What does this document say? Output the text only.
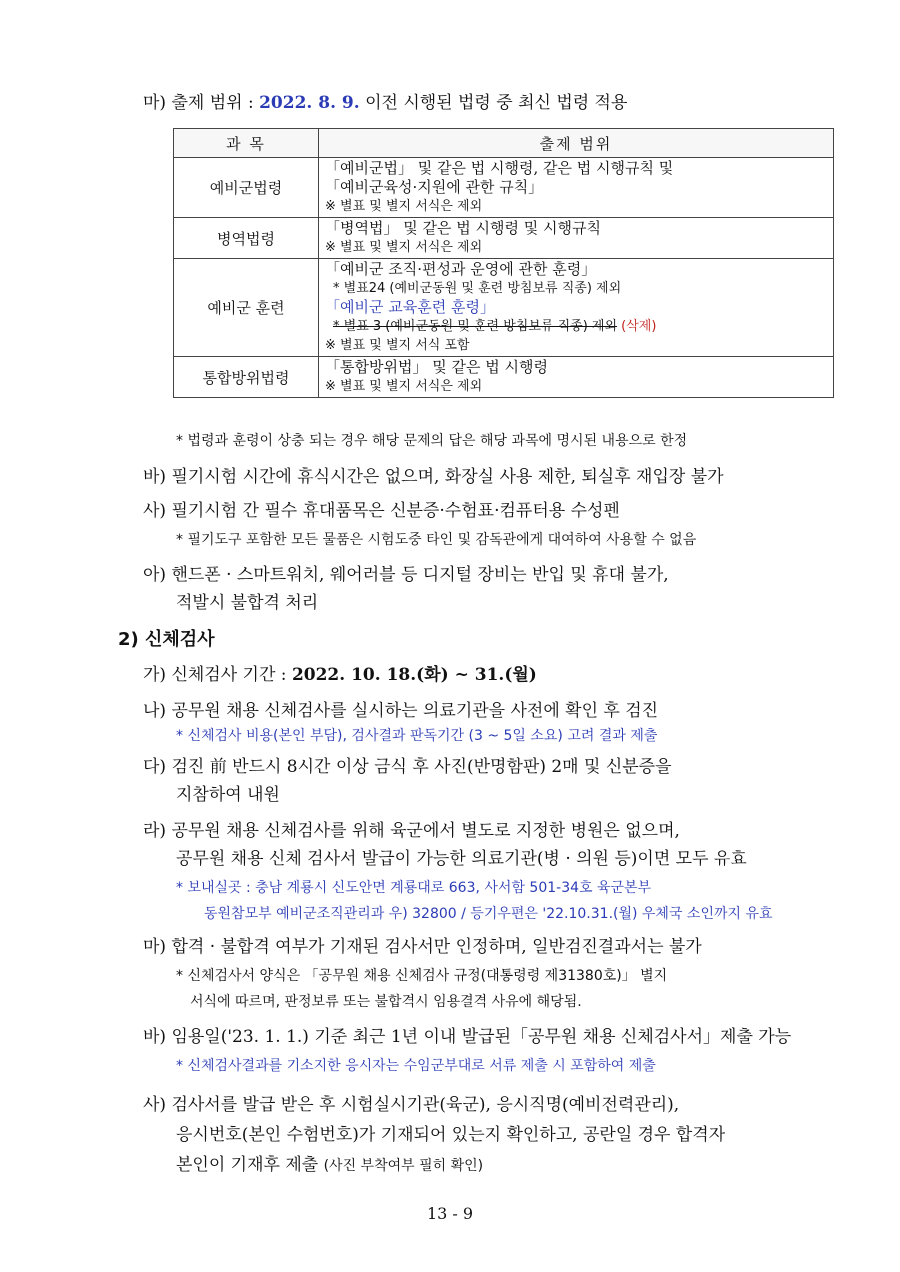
마) 출제 범위 : 2022. 8. 9. 이전 시행된 법령 중 최신 법령 적용
과 목	출제 범위
예비군법령	「예비군법」 및 같은 법 시행령, 같은 법 시행규칙 및
「예비군육성·지원에 관한 규칙」
※ 별표 및 별지 서식은 제외

병역법령	「병역법」 및 같은 법 시행령 및 시행규칙
※ 별표 및 별지 서식은 제외

예비군 훈련	「예비군 조직·편성과 운영에 관한 훈령」
* 별표24 (예비군동원 및 훈련 방침보류 직종) 제외
「예비군 교육훈련 훈령」
* 별표 3 (예비군동원 및 훈련 방침보류 직종) 제외 (삭제)
※ 별표 및 별지 서식 포함

통합방위법령	「통합방위법」 및 같은 법 시행령
※ 별표 및 별지 서식은 제외
* 법령과 훈령이 상충 되는 경우 해당 문제의 답은 해당 과목에 명시된 내용으로 한정
바) 필기시험 시간에 휴식시간은 없으며, 화장실 사용 제한, 퇴실후 재입장 불가
사) 필기시험 간 필수 휴대품목은 신분증·수험표·컴퓨터용 수성펜
* 필기도구 포함한 모든 물품은 시험도중 타인 및 감독관에게 대여하여 사용할 수 없음
아) 핸드폰 · 스마트워치, 웨어러블 등 디지털 장비는 반입 및 휴대 불가,
적발시 불합격 처리
2) 신체검사
가) 신체검사 기간 : 2022. 10. 18.(화) ~ 31.(월)
나) 공무원 채용 신체검사를 실시하는 의료기관을 사전에 확인 후 검진
* 신체검사 비용(본인 부담), 검사결과 판독기간 (3 ~ 5일 소요) 고려 결과 제출
다) 검진 前 반드시 8시간 이상 금식 후 사진(반명함판) 2매 및 신분증을
지참하여 내원
라) 공무원 채용 신체검사를 위해 육군에서 별도로 지정한 병원은 없으며,
공무원 채용 신체 검사서 발급이 가능한 의료기관(병 · 의원 등)이면 모두 유효
* 보내실곳 : 충남 계룡시 신도안면 계룡대로 663, 사서함 501-34호 육군본부
동원참모부 예비군조직관리과 우) 32800 / 등기우편은 '22.10.31.(월) 우체국 소인까지 유효
마) 합격 · 불합격 여부가 기재된 검사서만 인정하며, 일반검진결과서는 불가
* 신체검사서 양식은 「공무원 채용 신체검사 규정(대통령령 제31380호)」 별지
서식에 따르며, 판정보류 또는 불합격시 임용결격 사유에 해당됨.
바) 임용일('23. 1. 1.) 기준 최근 1년 이내 발급된「공무원 채용 신체검사서」제출 가능
* 신체검사결과를 기소지한 응시자는 수임군부대로 서류 제출 시 포함하여 제출
사) 검사서를 발급 받은 후 시험실시기관(육군), 응시직명(예비전력관리),
응시번호(본인 수험번호)가 기재되어 있는지 확인하고, 공란일 경우 합격자
본인이 기재후 제출 (사진 부착여부 필히 확인)
13 - 9
